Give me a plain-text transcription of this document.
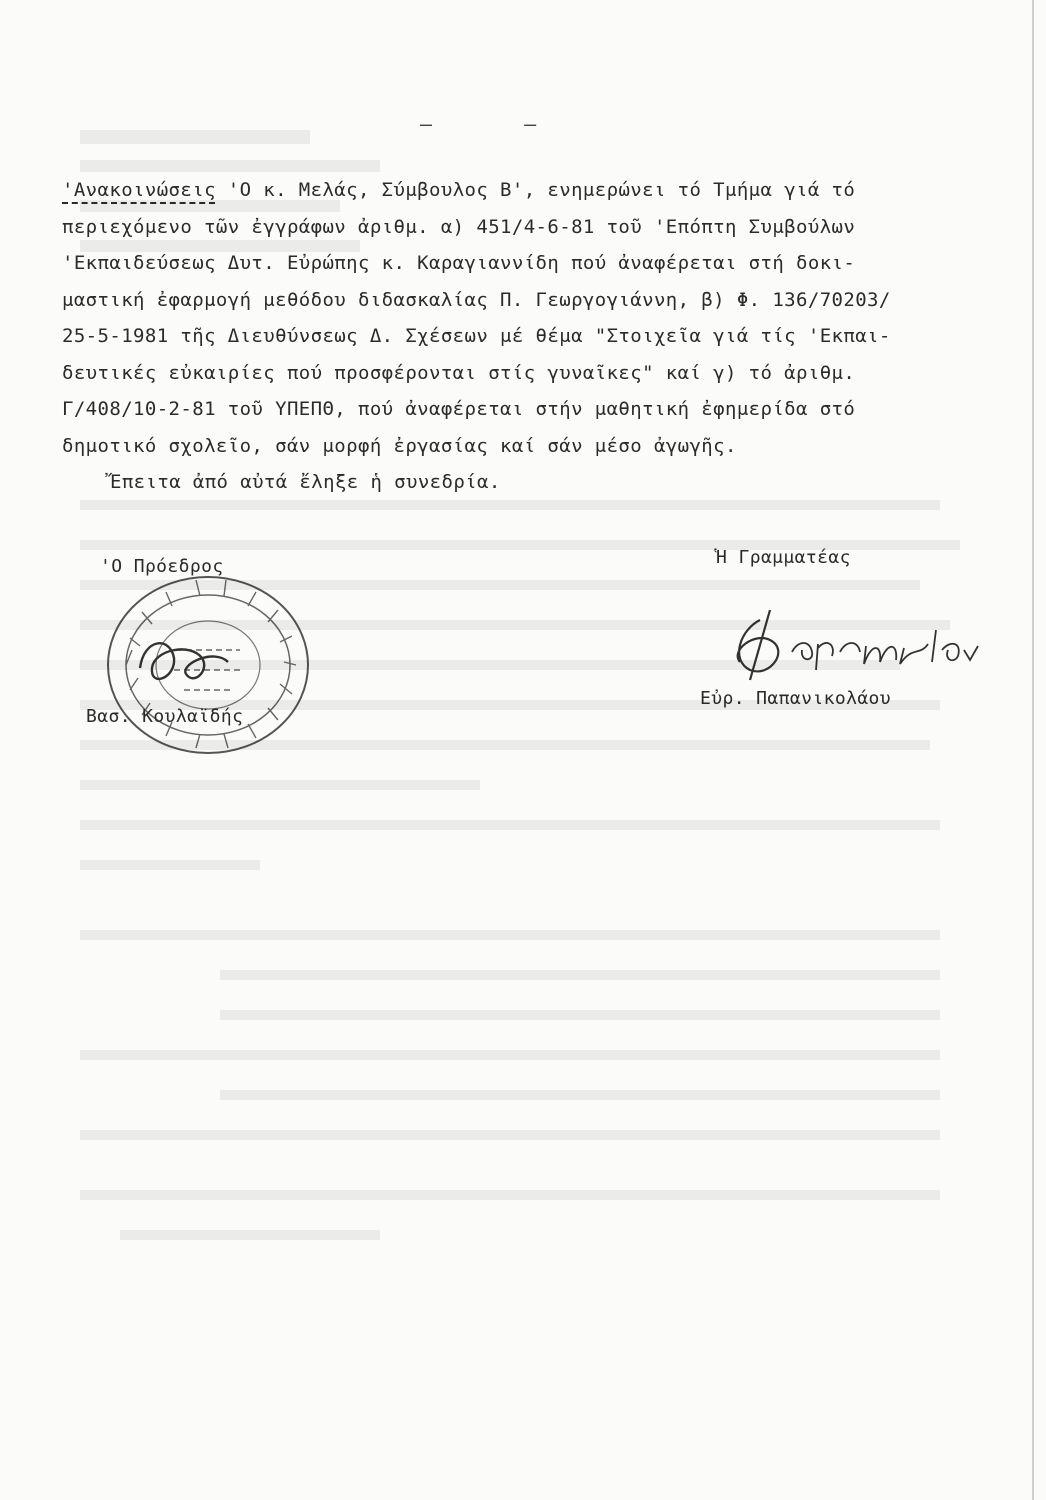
— —
'Ανακοινώσεις 'Ο κ. Μελάς, Σύμβουλος Β', ενημερώνει τό Τμήμα γιά τό
περιεχόμενο τῶν ἐγγράφων ἀριθμ. α) 451/4-6-81 τοῦ 'Επόπτη Συμβούλων
'Εκπαιδεύσεως Δυτ. Εὐρώπης κ. Καραγιαννίδη πού ἀναφέρεται στή δοκι-
μαστική ἐφαρμογή μεθόδου διδασκαλίας Π. Γεωργογιάννη, β) Φ. 136/70203/
25-5-1981 τῆς Διευθύνσεως Δ. Σχέσεων μέ θέμα "Στοιχεῖα γιά τίς 'Εκπαι-
δευτικές εὐκαιρίες πού προσφέρονται στίς γυναῖκες" καί γ) τό ἀριθμ.
Γ/408/10-2-81 τοῦ ΥΠΕΠΘ, πού ἀναφέρεται στήν μαθητική ἐφημερίδα στό
δημοτικό σχολεῖο, σάν μορφή ἐργασίας καί σάν μέσο ἀγωγῆς.
Ἔπειτα ἀπό αὐτά ἔληξε ἡ συνεδρία.
'Ο Πρόεδρος
Βασ. Κουλαϊδής
Ἡ Γραμματέας
Εὐρ. Παπανικολάου
